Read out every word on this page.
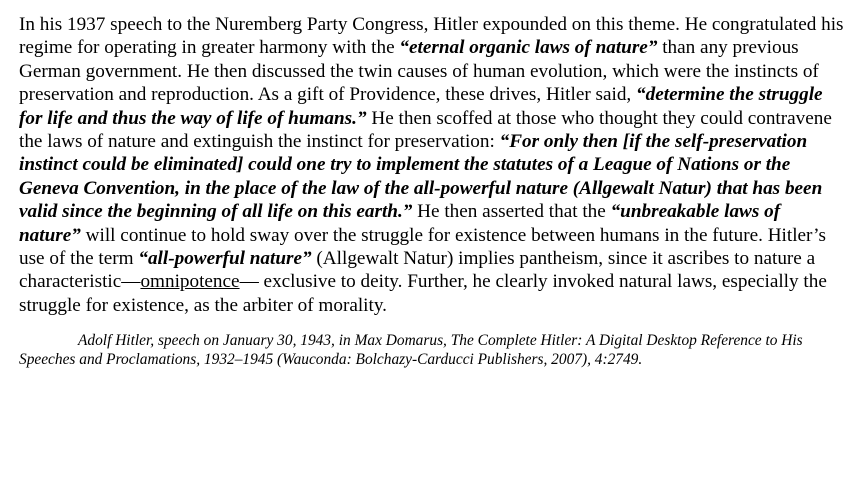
In his 1937 speech to the Nuremberg Party Congress, Hitler expounded on this theme. He congratulated his regime for operating in greater harmony with the “eternal organic laws of nature” than any previous German government. He then discussed the twin causes of human evolution, which were the instincts of preservation and reproduction. As a gift of Providence, these drives, Hitler said, “determine the struggle for life and thus the way of life of humans.” He then scoffed at those who thought they could contravene the laws of nature and extinguish the instinct for preservation: “For only then [if the self-preservation instinct could be eliminated] could one try to implement the statutes of a League of Nations or the Geneva Convention, in the place of the law of the all-powerful nature (Allgewalt Natur) that has been valid since the beginning of all life on this earth.” He then asserted that the “unbreakable laws of nature” will continue to hold sway over the struggle for existence between humans in the future. Hitler’s use of the term “all-powerful nature” (Allgewalt Natur) implies pantheism, since it ascribes to nature a characteristic—omnipotence— exclusive to deity. Further, he clearly invoked natural laws, especially the struggle for existence, as the arbiter of morality.

Adolf Hitler, speech on January 30, 1943, in Max Domarus, The Complete Hitler: A Digital Desktop Reference to His Speeches and Proclamations, 1932–1945 (Wauconda: Bolchazy-Carducci Publishers, 2007), 4:2749.
